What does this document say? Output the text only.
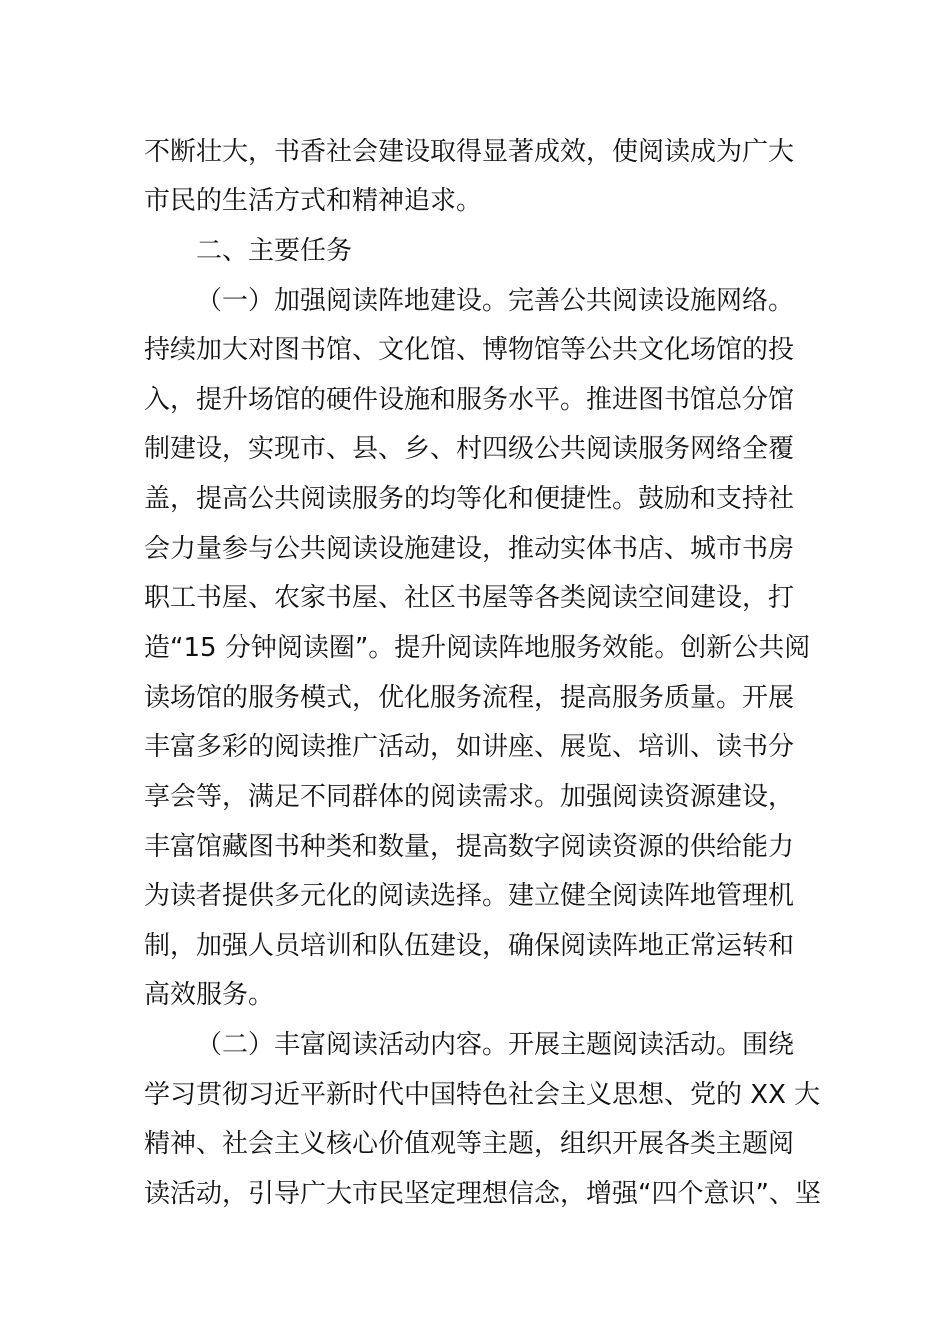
不断壮大，书香社会建设取得显著成效，使阅读成为广大
市民的生活方式和精神追求。
二、主要任务
（一）加强阅读阵地建设。完善公共阅读设施网络。
持续加大对图书馆、文化馆、博物馆等公共文化场馆的投
入，提升场馆的硬件设施和服务水平。推进图书馆总分馆
制建设，实现市、县、乡、村四级公共阅读服务网络全覆
盖，提高公共阅读服务的均等化和便捷性。鼓励和支持社
会力量参与公共阅读设施建设，推动实体书店、城市书房
职工书屋、农家书屋、社区书屋等各类阅读空间建设，打
造“15 分钟阅读圈”。提升阅读阵地服务效能。创新公共阅
读场馆的服务模式，优化服务流程，提高服务质量。开展
丰富多彩的阅读推广活动，如讲座、展览、培训、读书分
享会等，满足不同群体的阅读需求。加强阅读资源建设，
丰富馆藏图书种类和数量，提高数字阅读资源的供给能力
为读者提供多元化的阅读选择。建立健全阅读阵地管理机
制，加强人员培训和队伍建设，确保阅读阵地正常运转和
高效服务。
（二）丰富阅读活动内容。开展主题阅读活动。围绕
学习贯彻习近平新时代中国特色社会主义思想、党的 XX 大
精神、社会主义核心价值观等主题，组织开展各类主题阅
读活动，引导广大市民坚定理想信念，增强“四个意识”、坚
